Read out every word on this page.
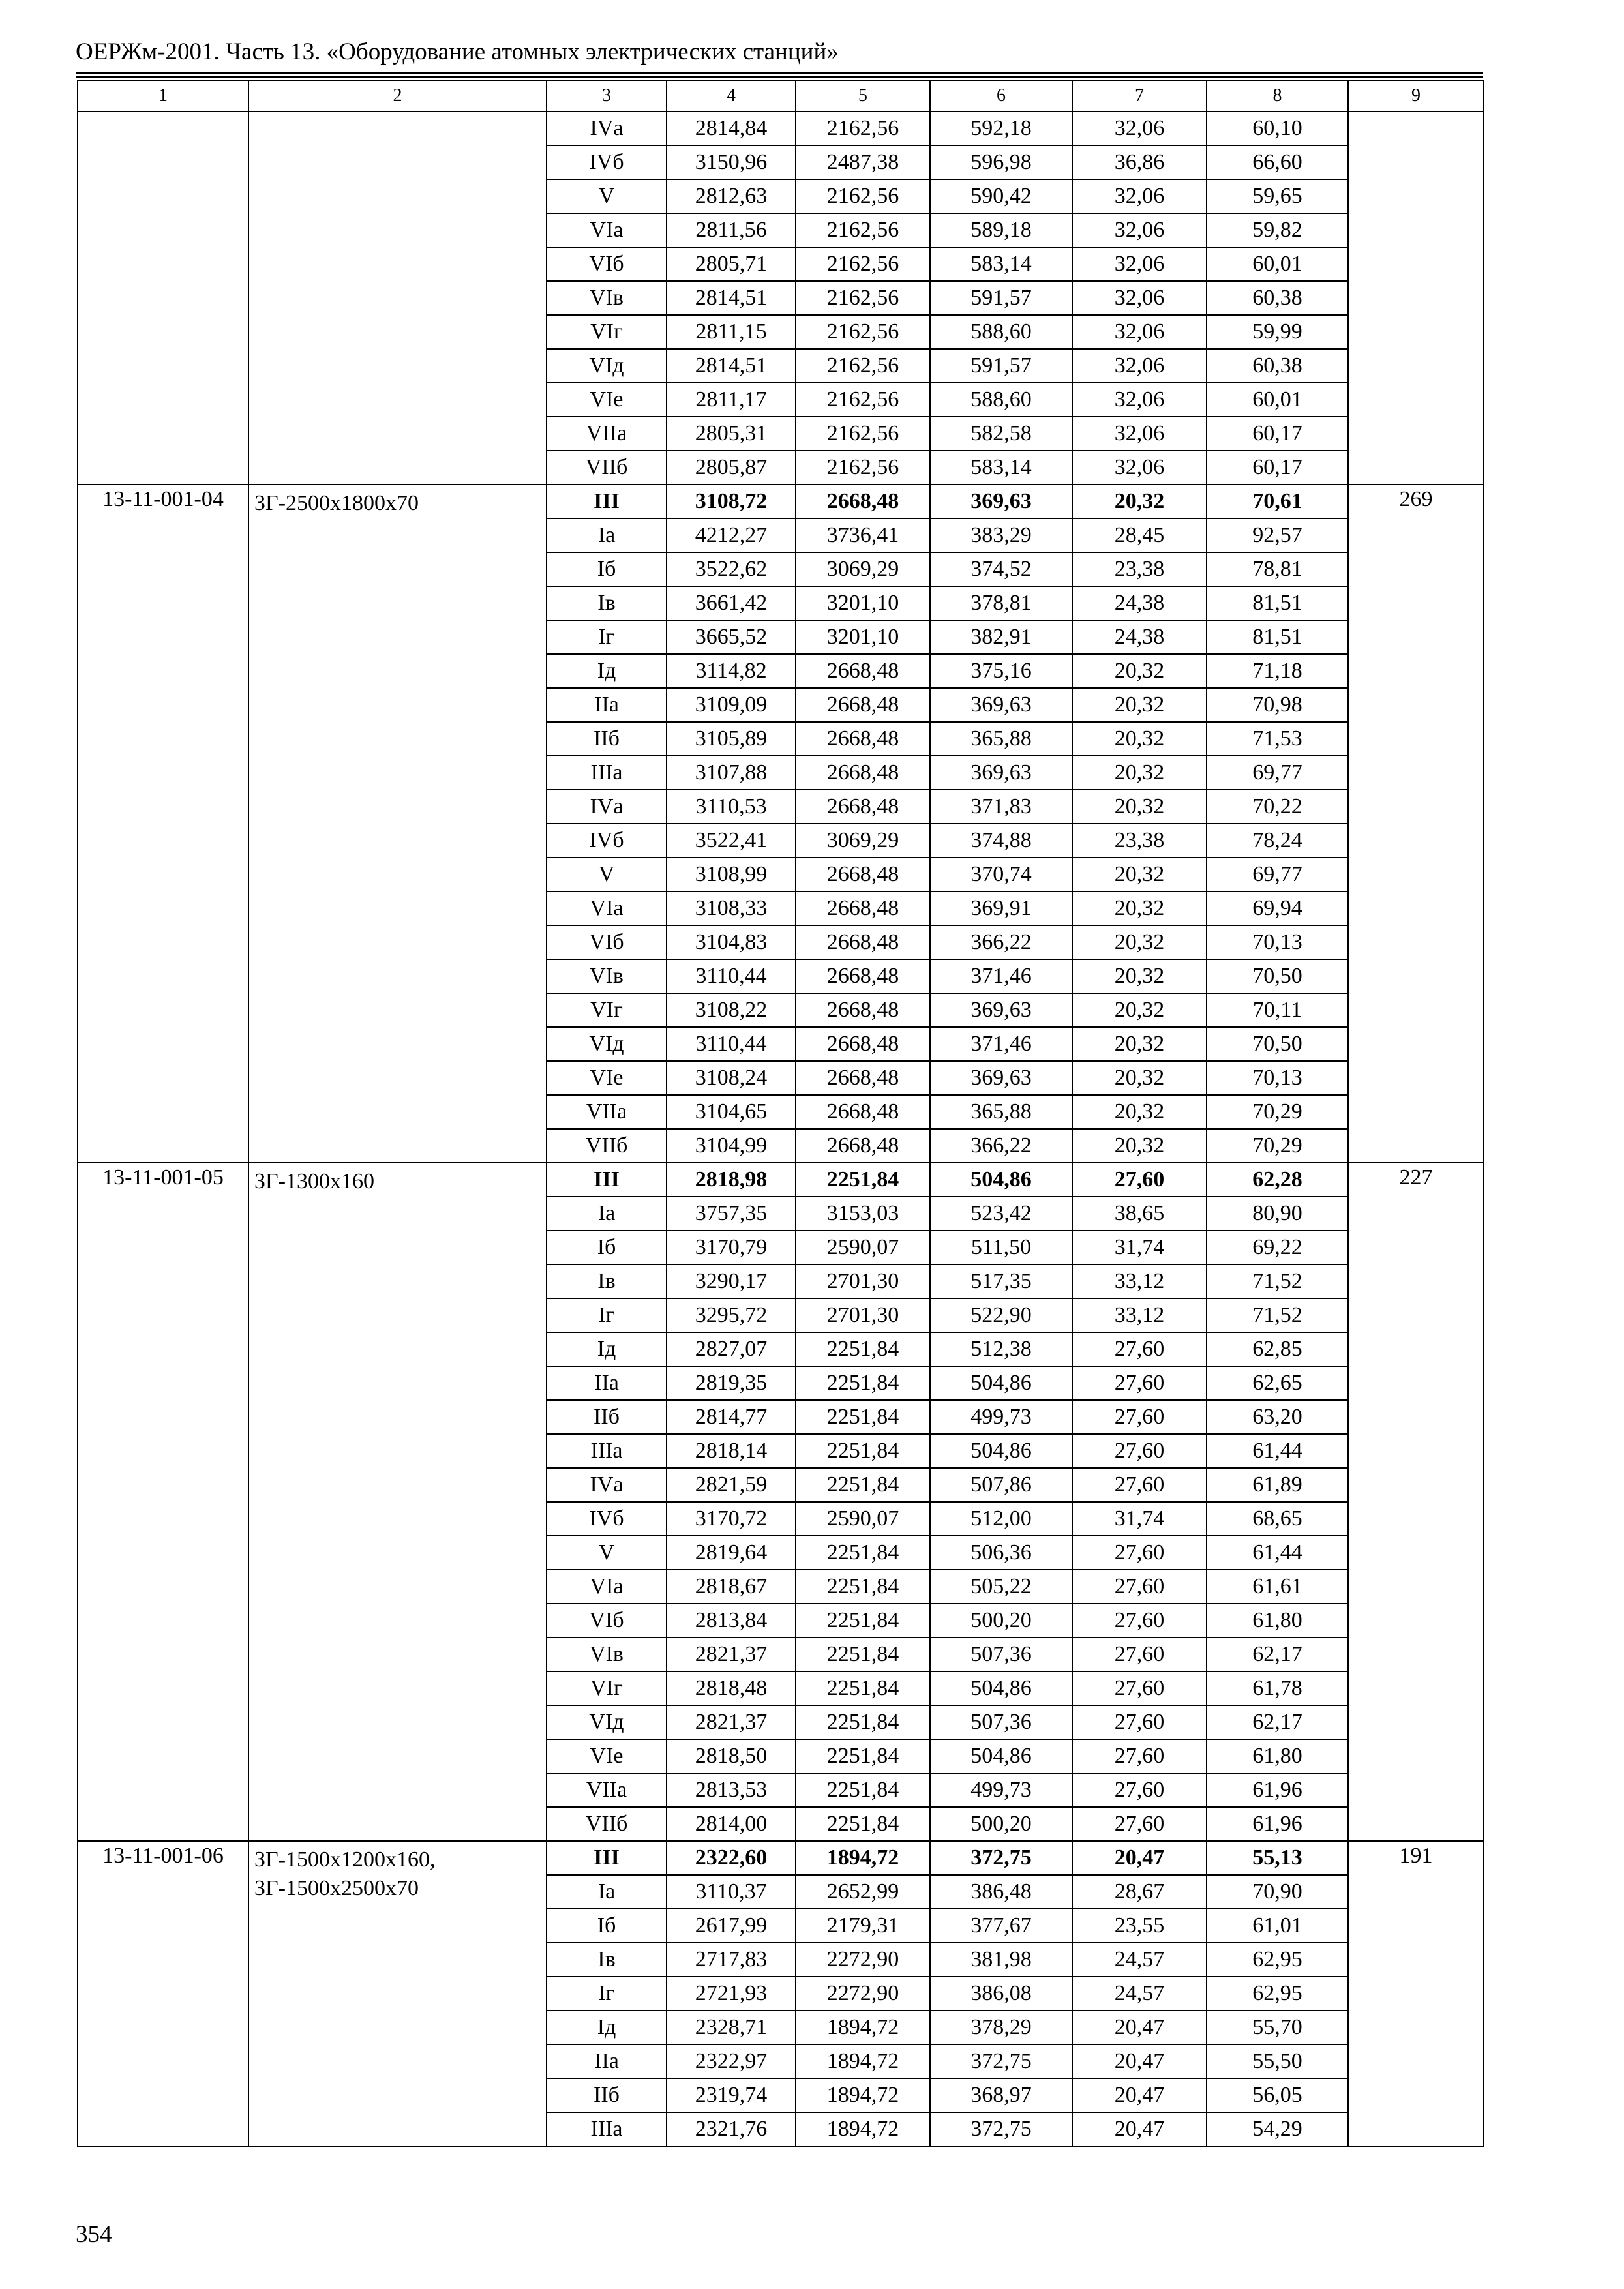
ОЕРЖм-2001. Часть 13. «Оборудование атомных электрических станций»
1	2	3	4	5	6	7	8	9
		IVа	2814,84	2162,56	592,18	32,06	60,10	
		IVб	3150,96	2487,38	596,98	36,86	66,60	
		V	2812,63	2162,56	590,42	32,06	59,65	
		VIа	2811,56	2162,56	589,18	32,06	59,82	
		VIб	2805,71	2162,56	583,14	32,06	60,01	
		VIв	2814,51	2162,56	591,57	32,06	60,38	
		VIг	2811,15	2162,56	588,60	32,06	59,99	
		VIд	2814,51	2162,56	591,57	32,06	60,38	
		VIе	2811,17	2162,56	588,60	32,06	60,01	
		VIIа	2805,31	2162,56	582,58	32,06	60,17	
		VIIб	2805,87	2162,56	583,14	32,06	60,17	
13-11-001-04	ЗГ-2500х1800х70	III	3108,72	2668,48	369,63	20,32	70,61	269
		Iа	4212,27	3736,41	383,29	28,45	92,57	
		Iб	3522,62	3069,29	374,52	23,38	78,81	
		Iв	3661,42	3201,10	378,81	24,38	81,51	
		Iг	3665,52	3201,10	382,91	24,38	81,51	
		Iд	3114,82	2668,48	375,16	20,32	71,18	
		IIа	3109,09	2668,48	369,63	20,32	70,98	
		IIб	3105,89	2668,48	365,88	20,32	71,53	
		IIIа	3107,88	2668,48	369,63	20,32	69,77	
		IVа	3110,53	2668,48	371,83	20,32	70,22	
		IVб	3522,41	3069,29	374,88	23,38	78,24	
		V	3108,99	2668,48	370,74	20,32	69,77	
		VIа	3108,33	2668,48	369,91	20,32	69,94	
		VIб	3104,83	2668,48	366,22	20,32	70,13	
		VIв	3110,44	2668,48	371,46	20,32	70,50	
		VIг	3108,22	2668,48	369,63	20,32	70,11	
		VIд	3110,44	2668,48	371,46	20,32	70,50	
		VIе	3108,24	2668,48	369,63	20,32	70,13	
		VIIа	3104,65	2668,48	365,88	20,32	70,29	
		VIIб	3104,99	2668,48	366,22	20,32	70,29	
13-11-001-05	ЗГ-1300х160	III	2818,98	2251,84	504,86	27,60	62,28	227
		Iа	3757,35	3153,03	523,42	38,65	80,90	
		Iб	3170,79	2590,07	511,50	31,74	69,22	
		Iв	3290,17	2701,30	517,35	33,12	71,52	
		Iг	3295,72	2701,30	522,90	33,12	71,52	
		Iд	2827,07	2251,84	512,38	27,60	62,85	
		IIа	2819,35	2251,84	504,86	27,60	62,65	
		IIб	2814,77	2251,84	499,73	27,60	63,20	
		IIIа	2818,14	2251,84	504,86	27,60	61,44	
		IVа	2821,59	2251,84	507,86	27,60	61,89	
		IVб	3170,72	2590,07	512,00	31,74	68,65	
		V	2819,64	2251,84	506,36	27,60	61,44	
		VIа	2818,67	2251,84	505,22	27,60	61,61	
		VIб	2813,84	2251,84	500,20	27,60	61,80	
		VIв	2821,37	2251,84	507,36	27,60	62,17	
		VIг	2818,48	2251,84	504,86	27,60	61,78	
		VIд	2821,37	2251,84	507,36	27,60	62,17	
		VIе	2818,50	2251,84	504,86	27,60	61,80	
		VIIа	2813,53	2251,84	499,73	27,60	61,96	
		VIIб	2814,00	2251,84	500,20	27,60	61,96	
13-11-001-06	ЗГ-1500х1200х160, ЗГ-1500х2500х70	III	2322,60	1894,72	372,75	20,47	55,13	191
		Iа	3110,37	2652,99	386,48	28,67	70,90	
		Iб	2617,99	2179,31	377,67	23,55	61,01	
		Iв	2717,83	2272,90	381,98	24,57	62,95	
		Iг	2721,93	2272,90	386,08	24,57	62,95	
		Iд	2328,71	1894,72	378,29	20,47	55,70	
		IIа	2322,97	1894,72	372,75	20,47	55,50	
		IIб	2319,74	1894,72	368,97	20,47	56,05	
		IIIа	2321,76	1894,72	372,75	20,47	54,29	
354
